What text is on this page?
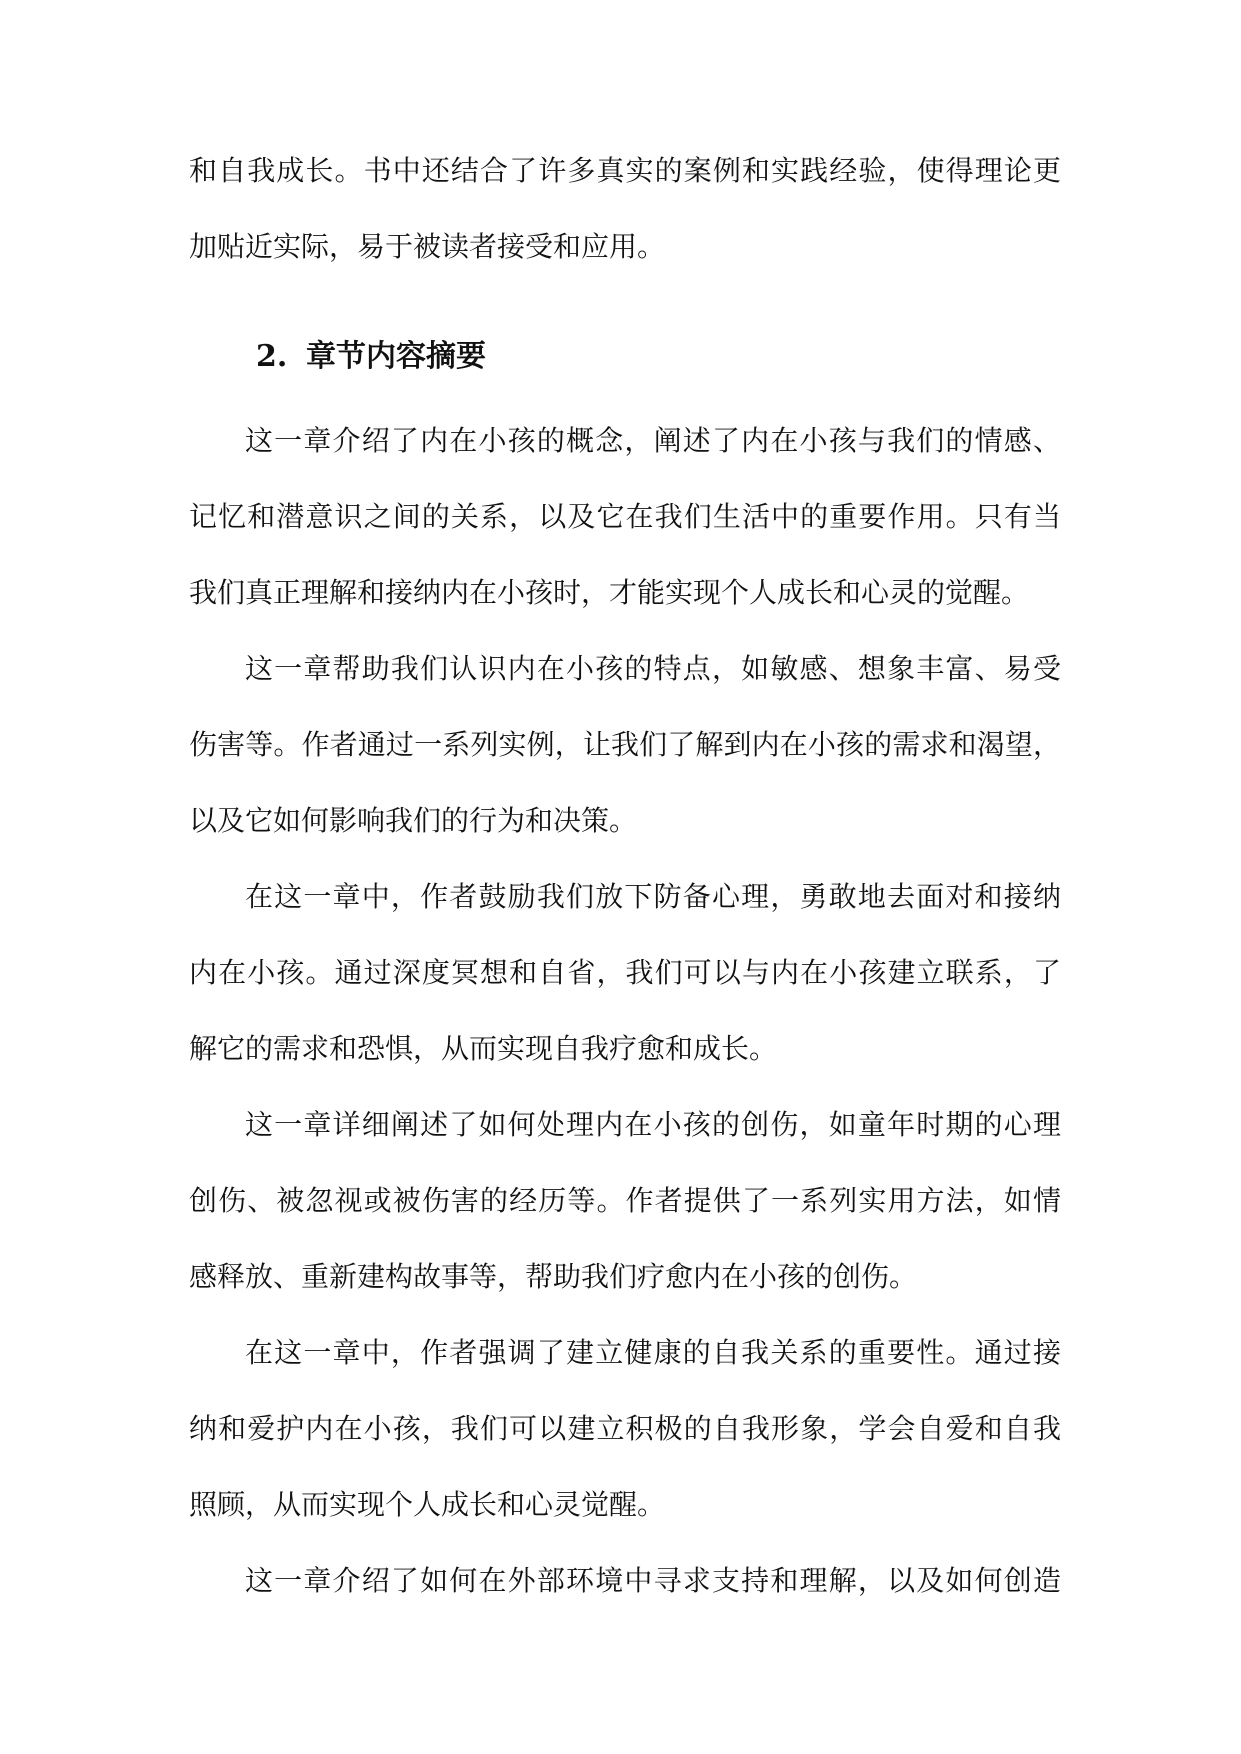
和自我成长。书中还结合了许多真实的案例和实践经验，使得理论更
加贴近实际，易于被读者接受和应用。
2. 章节内容摘要
这一章介绍了内在小孩的概念，阐述了内在小孩与我们的情感、
记忆和潜意识之间的关系，以及它在我们生活中的重要作用。只有当
我们真正理解和接纳内在小孩时，才能实现个人成长和心灵的觉醒。
这一章帮助我们认识内在小孩的特点，如敏感、想象丰富、易受
伤害等。作者通过一系列实例，让我们了解到内在小孩的需求和渴望，
以及它如何影响我们的行为和决策。
在这一章中，作者鼓励我们放下防备心理，勇敢地去面对和接纳
内在小孩。通过深度冥想和自省，我们可以与内在小孩建立联系，了
解它的需求和恐惧，从而实现自我疗愈和成长。
这一章详细阐述了如何处理内在小孩的创伤，如童年时期的心理
创伤、被忽视或被伤害的经历等。作者提供了一系列实用方法，如情
感释放、重新建构故事等，帮助我们疗愈内在小孩的创伤。
在这一章中，作者强调了建立健康的自我关系的重要性。通过接
纳和爱护内在小孩，我们可以建立积极的自我形象，学会自爱和自我
照顾，从而实现个人成长和心灵觉醒。
这一章介绍了如何在外部环境中寻求支持和理解，以及如何创造
